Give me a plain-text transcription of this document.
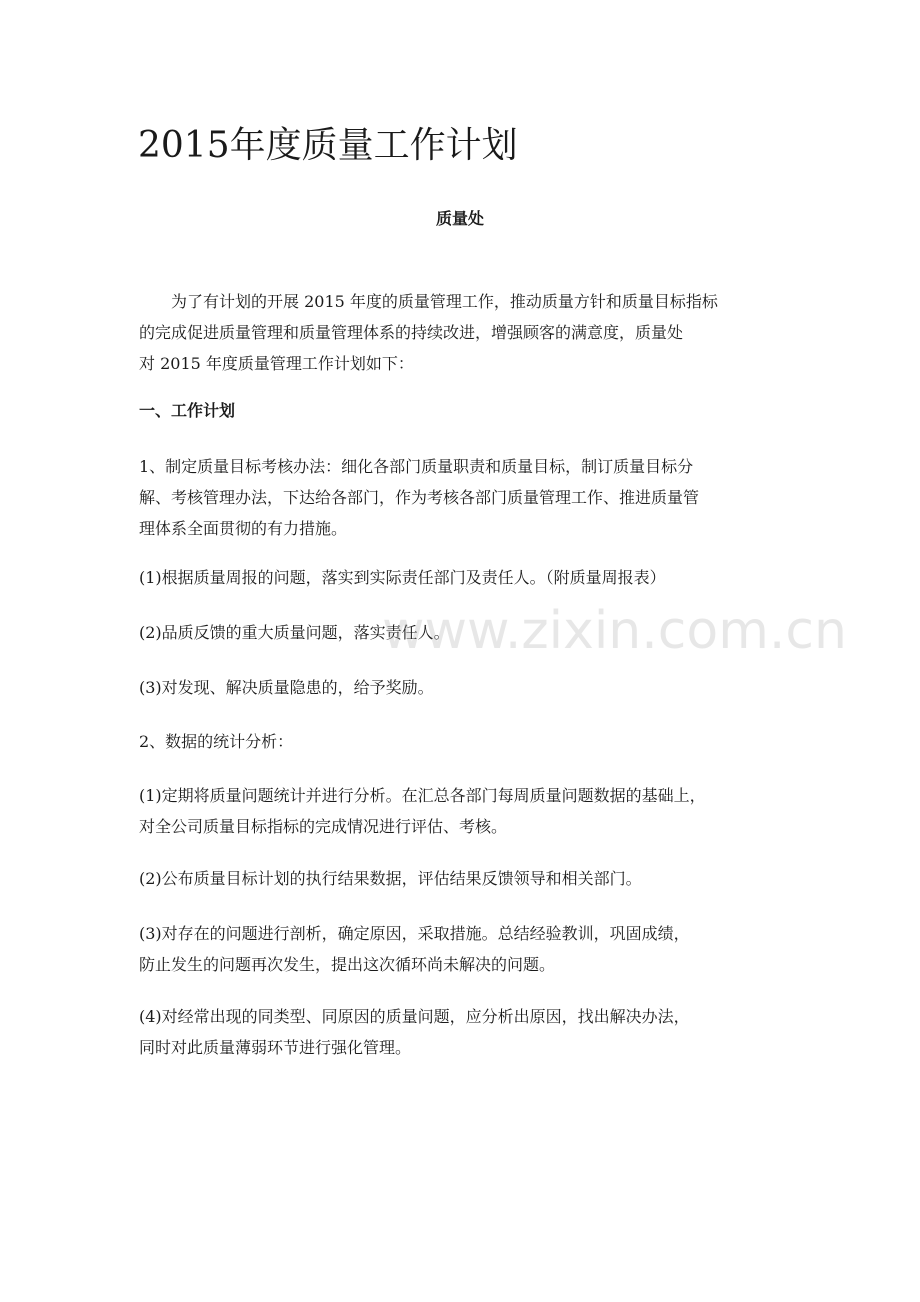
2015年度质量工作计划
质量处

为了有计划的开展 2015 年度的质量管理工作，推动质量方针和质量目标指标
的完成促进质量管理和质量管理体系的持续改进，增强顾客的满意度，质量处
对 2015 年度质量管理工作计划如下：

一、工作计划

1、制定质量目标考核办法：细化各部门质量职责和质量目标，制订质量目标分
解、考核管理办法，下达给各部门，作为考核各部门质量管理工作、推进质量管
理体系全面贯彻的有力措施。

(1)根据质量周报的问题，落实到实际责任部门及责任人。（附质量周报表）

(2)品质反馈的重大质量问题，落实责任人。

(3)对发现、解决质量隐患的，给予奖励。

2、数据的统计分析：

(1)定期将质量问题统计并进行分析。在汇总各部门每周质量问题数据的基础上，
对全公司质量目标指标的完成情况进行评估、考核。

(2)公布质量目标计划的执行结果数据，评估结果反馈领导和相关部门。

(3)对存在的问题进行剖析，确定原因，采取措施。总结经验教训，巩固成绩，
防止发生的问题再次发生，提出这次循环尚未解决的问题。

(4)对经常出现的同类型、同原因的质量问题，应分析出原因，找出解决办法，
同时对此质量薄弱环节进行强化管理。

www.zixin.com.cn
